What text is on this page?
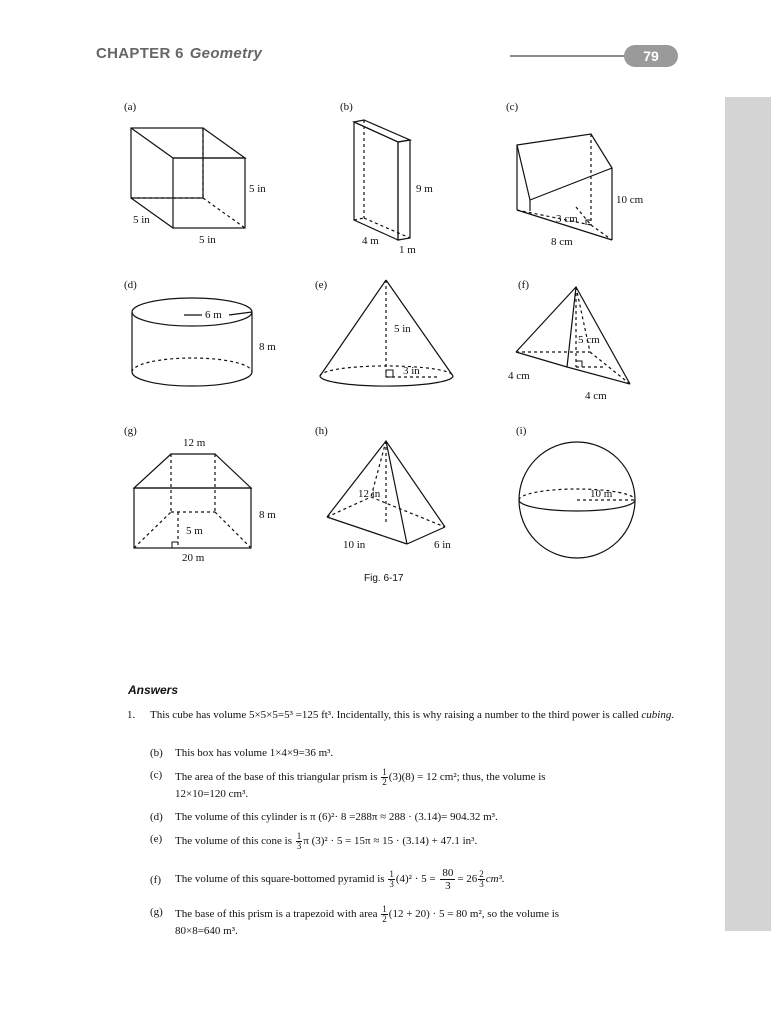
CHAPTER 6 Geometry	79
(a)
5 in
5 in
5 in
(b)
9 m
4 m
1 m
(c)
10 cm
3 cm
8 cm
(d)
6 m
8 m
(e)
5 in
3 in
(f)
5 cm
4 cm
4 cm
(g)
12 m
8 m
5 m
20 m
(h)
12 in
10 in	6 in
(i)
10 m
Fig. 6-17
Answers
1. This cube has volume 5×5×5=5³ =125 ft³. Incidentally, this is why raising a number to the third power is called cubing.
(b) This box has volume 1×4×9=36 m³.
(c) The area of the base of this triangular prism is $\frac{1}{2} (3)(8) = 12$ cm²; thus, the volume is
12×10=120 cm³.
(d) The volume of this cylinder is π (6)²· 8 =288π ≈ 288 · (3.14)= 904.32 m³.
(e) The volume of this cone is $\frac{1}{3}$ π (3)² · 5 = 15π ≈ 15 · (3.14) + 47.1 in³.
(f) The volume of this square-bottomed pyramid is $\frac{1}{3} (4)^2 \cdot 5 = \frac{80}{3} = 26 \frac{2}{3} cm^3$.
(g) The base of this prism is a trapezoid with area $\frac{1}{2} (12 + 20) \cdot 5 = 80$ m², so the volume is
80×8=640 m³.
